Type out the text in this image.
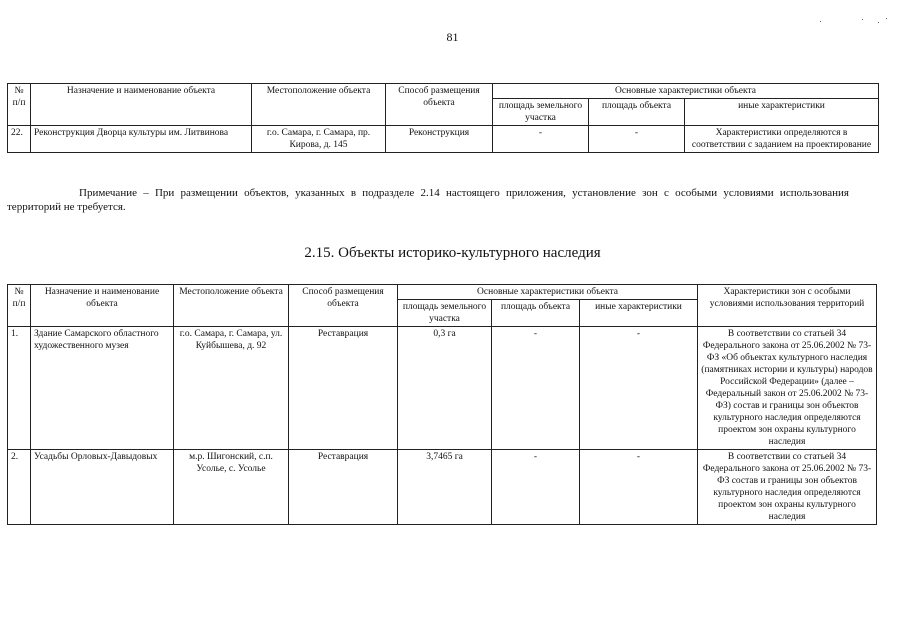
81
№ п/п	Назначение и наименование объекта	Местоположение объекта	Способ размещения объекта	Основные характеристики объекта		
				площадь земельного участка	площадь объекта	иные характеристики
22.	Реконструкция Дворца культуры им. Литвинова	г.о. Самара, г. Самара, пр. Кирова, д. 145	Реконструкция	-	-	Характеристики определяются в соответствии с заданием на проектирование
Примечание – При размещении объектов, указанных в подразделе 2.14 настоящего приложения, установление зон с особыми условиями использования территорий не требуется.
2.15. Объекты историко-культурного наследия
№ п/п	Назначение и наименование объекта	Местоположение объекта	Способ размещения объекта	Основные характеристики объекта			Характеристики зон с особыми условиями использования территорий
				площадь земельного участка	площадь объекта	иные характеристики	
1.	Здание Самарского областного художественного музея	г.о. Самара, г. Самара, ул. Куйбышева, д. 92	Реставрация	0,3 га	-	-	В соответствии со статьей 34 Федерального закона от 25.06.2002 № 73-ФЗ «Об объектах культурного наследия (памятниках истории и культуры) народов Российской Федерации» (далее – Федеральный закон от 25.06.2002 № 73-ФЗ) состав и границы зон объектов культурного наследия определяются проектом зон охраны культурного наследия
2.	Усадьбы Орловых-Давыдовых	м.р. Шигонский, с.п. Усолье, с. Усолье	Реставрация	3,7465 га	-	-	В соответствии со статьей 34 Федерального закона от 25.06.2002 № 73-ФЗ состав и границы зон объектов культурного наследия определяются проектом зон охраны культурного наследия
